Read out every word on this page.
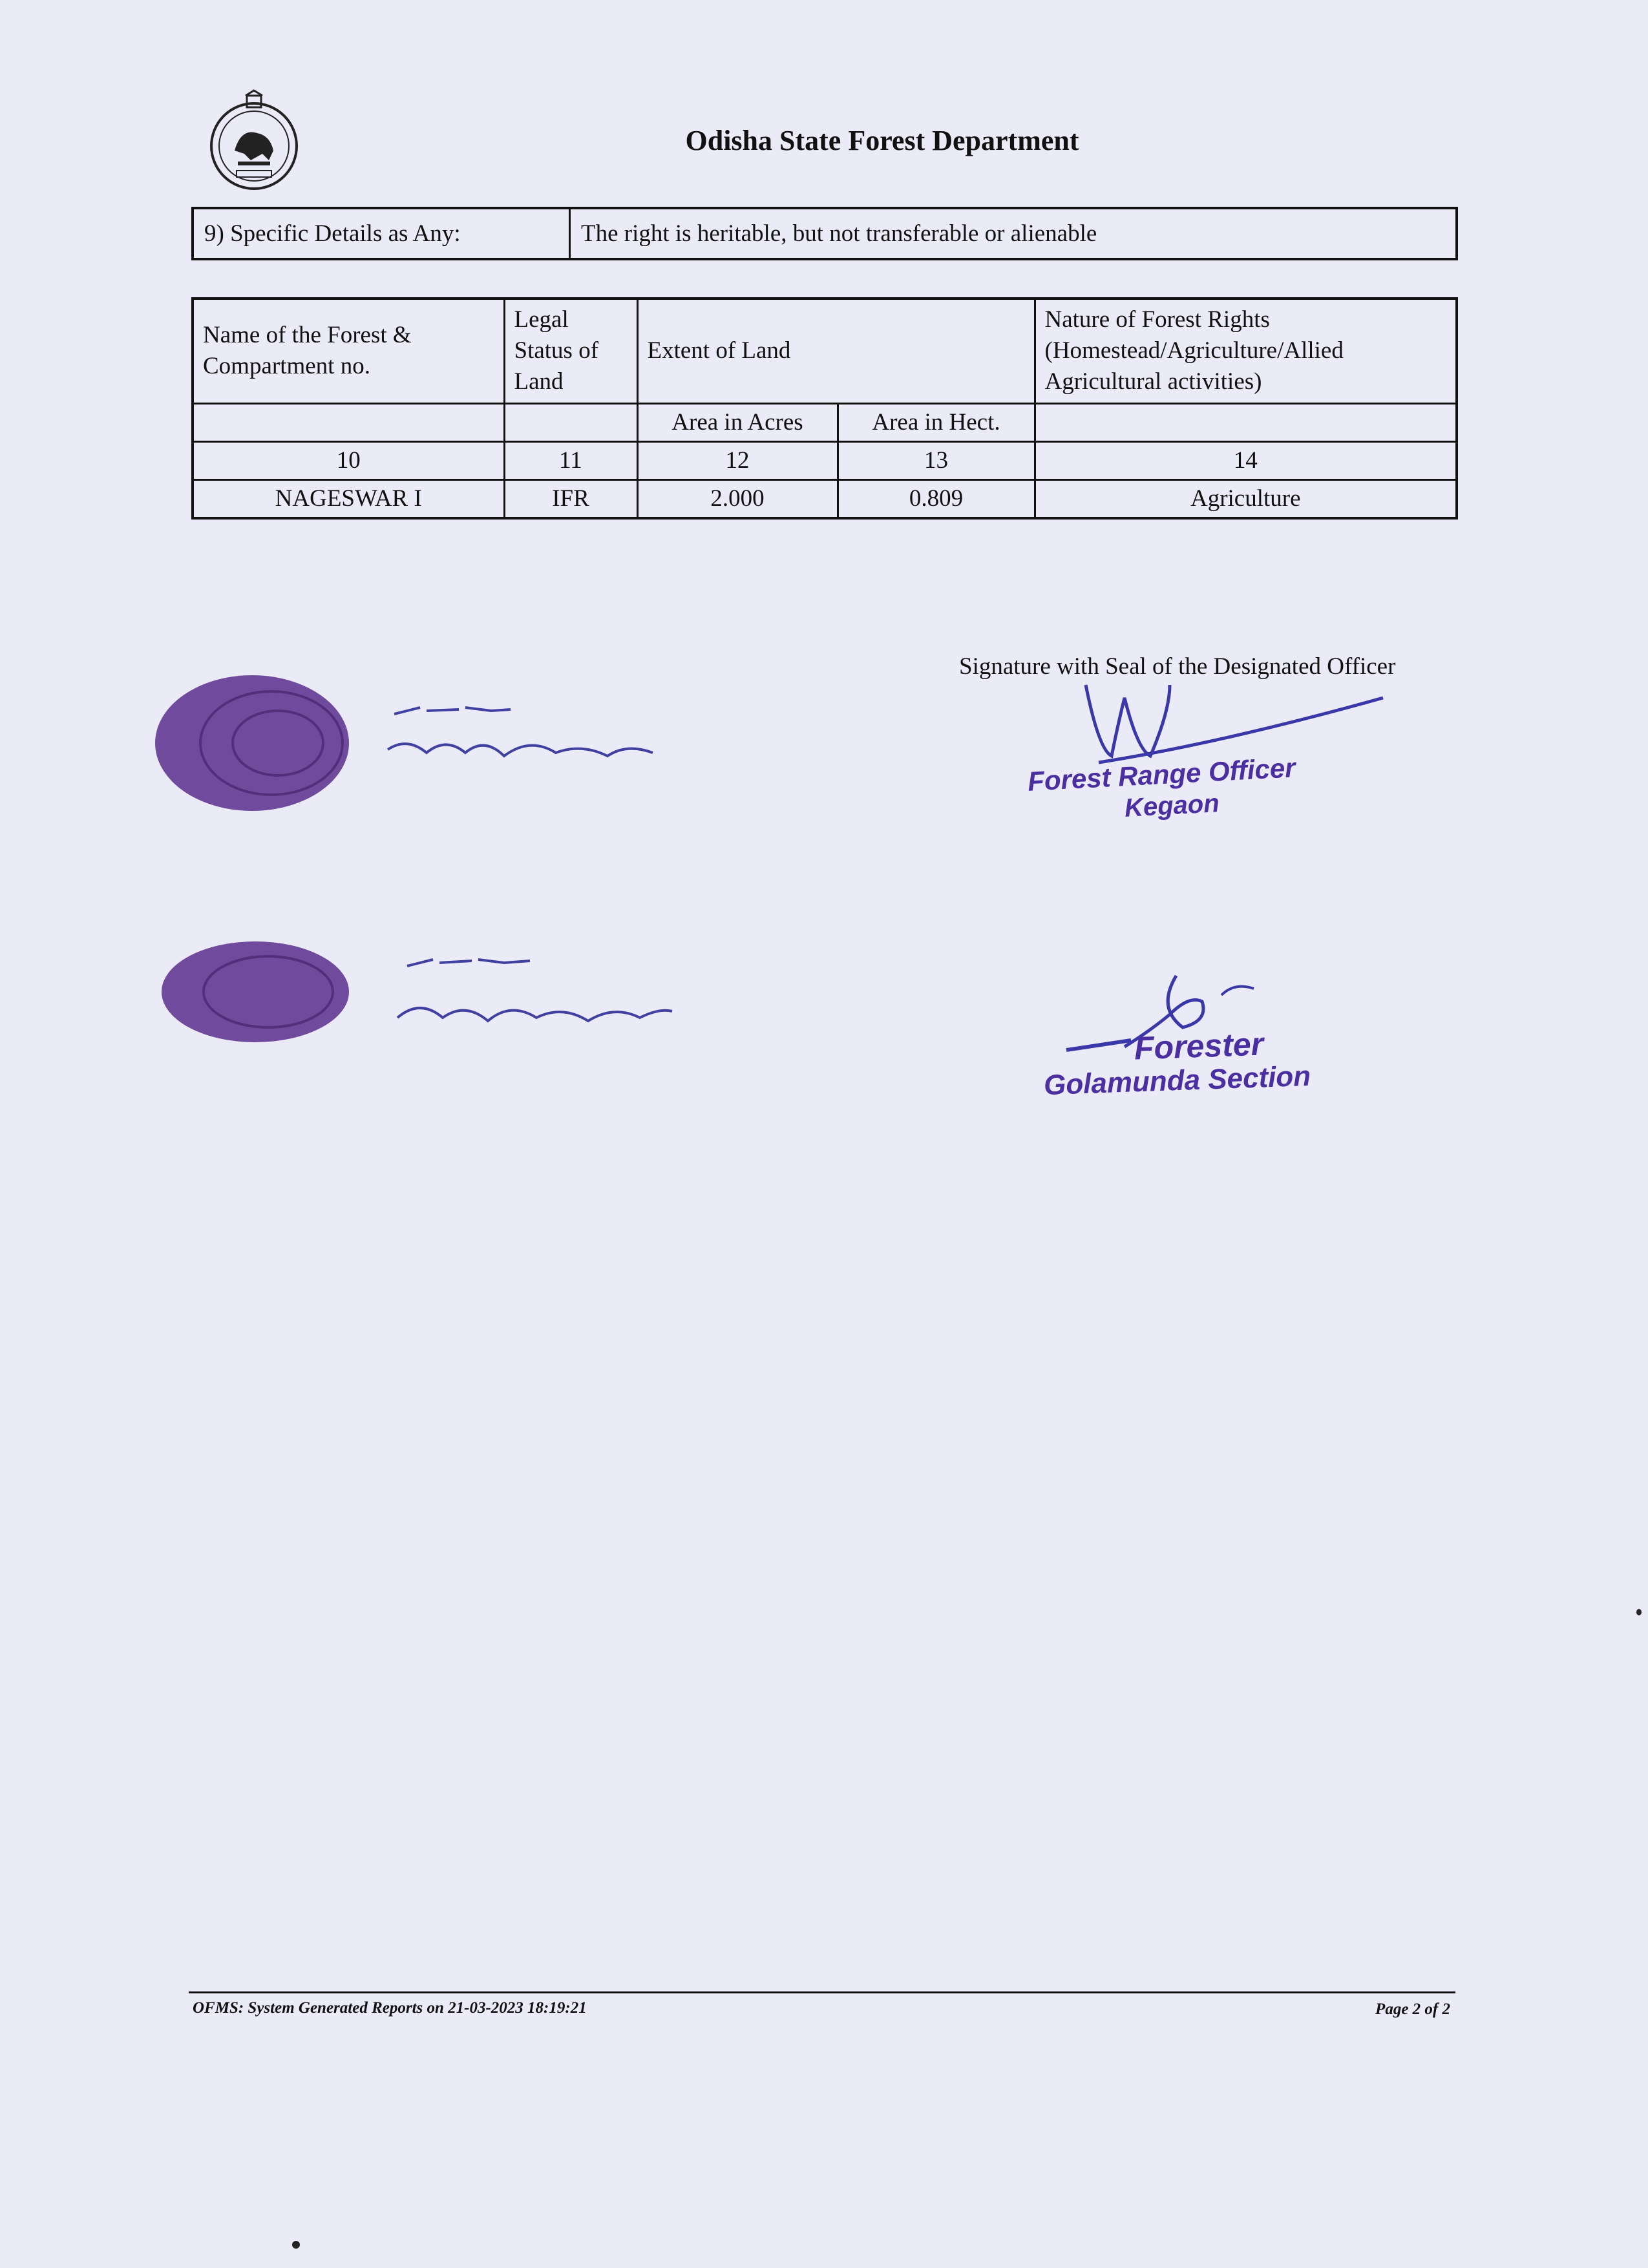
Odisha State Forest Department
9) Specific Details as Any:	The right is heritable, but not transferable or alienable
Name of the Forest & Compartment no.	Legal Status of Land	Extent of Land		Nature of Forest Rights (Homestead/Agriculture/Allied Agricultural activities)
		Area in Acres	Area in Hect.	
10	11	12	13	14
NAGESWAR I	IFR	2.000	0.809	Agriculture
Signature with Seal of the Designated Officer
Forest Range Officer
Kegaon
Forester
Golamunda Section
OFMS: System Generated Reports on 21-03-2023 18:19:21	Page 2 of 2
